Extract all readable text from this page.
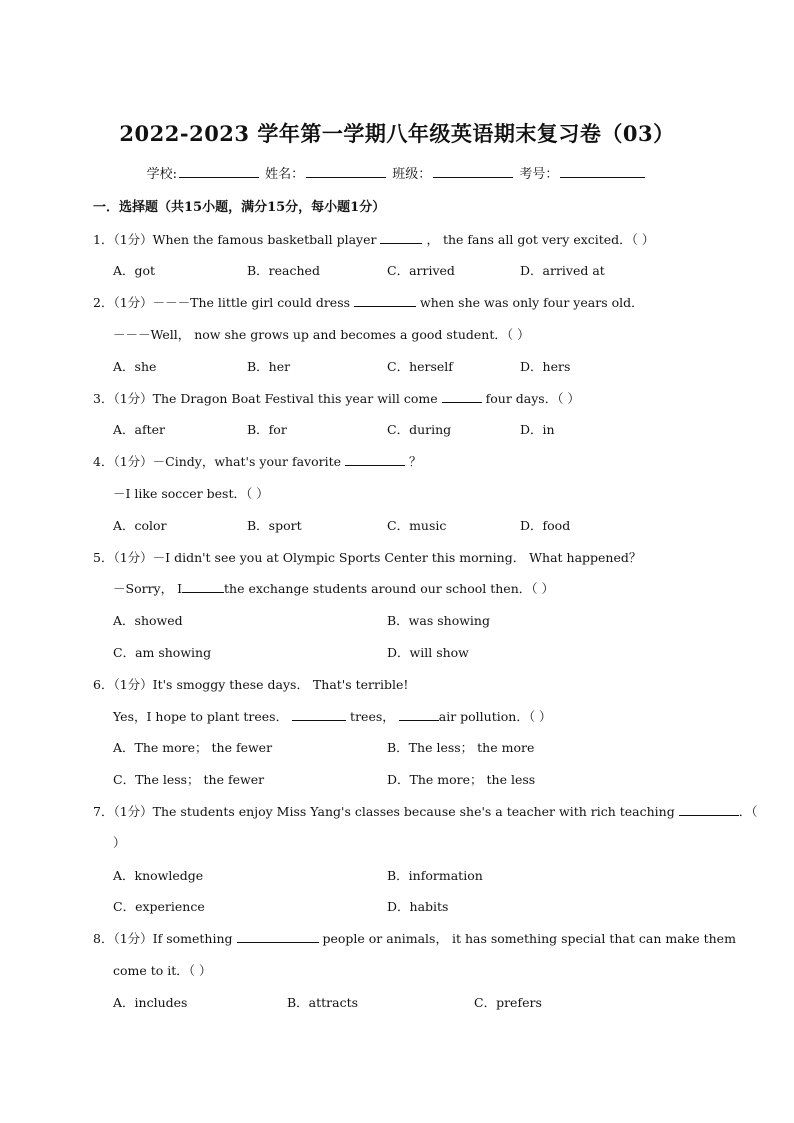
2022-2023 学年第一学期八年级英语期末复习卷（03）
学校:	姓名：	班级：	考号：
一．选择题（共15小题，满分15分，每小题1分）
1．（1分）When the famous basketball player	， the fans all got very excited．（ ）
A．got	B．reached	C．arrived	D．arrived at
2．（1分）－－－The little girl could dress	when she was only four years old．
－－－Well， now she grows up and becomes a good student．（ ）
A．she	B．her	C．herself	D．hers
3．（1分）The Dragon Boat Festival this year will come	four days．（ ）
A．after	B．for	C．during	D．in
4．（1分）－Cindy，what's your favorite	？
－I like soccer best．（ ）
A．color	B．sport	C．music	D．food
5．（1分）－I didn't see you at Olympic Sports Center this morning． What happened？
－Sorry， I	the exchange students around our school then．（ ）
A．showed	B．was showing
C．am showing	D．will show
6．（1分）It's smoggy these days． That's terrible!
Yes，I hope to plant trees．	trees，	air pollution．（ ）
A．The more； the fewer	B．The less； the more
C．The less； the fewer	D．The more； the less
7．（1分）The students enjoy Miss Yang's classes because she's a teacher with rich teaching	．（
）
A．knowledge	B．information
C．experience	D．habits
8．（1分）If something	people or animals， it has something special that can make them
come to it．（ ）
A．includes	B．attracts	C．prefers
